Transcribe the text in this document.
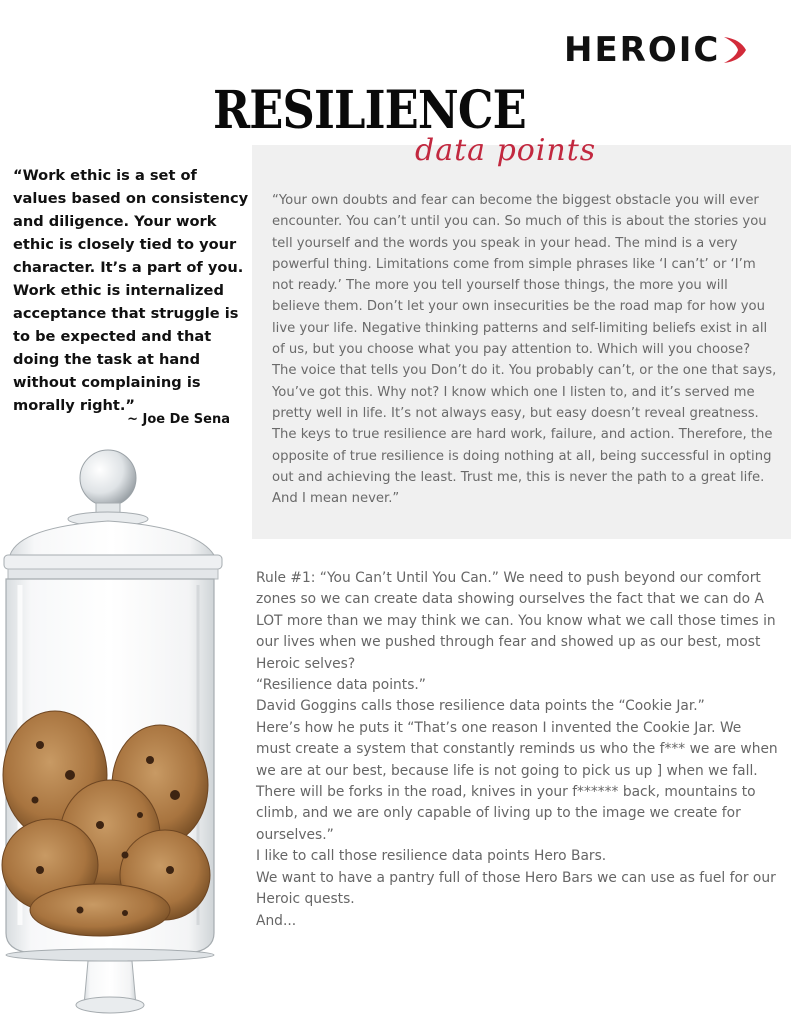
HEROIC
RESILIENCE
data points
“Work ethic is a set of values based on consistency and diligence. Your work ethic is closely tied to your character. It’s a part of you. Work ethic is internalized acceptance that struggle is to be expected and that doing the task at hand without complaining is morally right.”
~ Joe De Sena
“Your own doubts and fear can become the biggest obstacle you will ever encounter. You can’t until you can. So much of this is about the stories you tell yourself and the words you speak in your head. The mind is a very powerful thing. Limitations come from simple phrases like ‘I can’t’ or ‘I’m not ready.’ The more you tell yourself those things, the more you will believe them. Don’t let your own insecurities be the road map for how you live your life. Negative thinking patterns and self-limiting beliefs exist in all of us, but you choose what you pay attention to. Which will you choose? The voice that tells you Don’t do it. You probably can’t, or the one that says, You’ve got this. Why not? I know which one I listen to, and it’s served me pretty well in life. It’s not always easy, but easy doesn’t reveal greatness. The keys to true resilience are hard work, failure, and action. Therefore, the opposite of true resilience is doing nothing at all, being successful in opting out and achieving the least. Trust me, this is never the path to a great life. And I mean never.”

Rule #1: “You Can’t Until You Can.” We need to push beyond our comfort zones so we can create data showing ourselves the fact that we can do A LOT more than we may think we can. You know what we call those times in our lives when we pushed through fear and showed up as our best, most Heroic selves?

“Resilience data points.”

David Goggins calls those resilience data points the “Cookie Jar.”

Here’s how he puts it “That’s one reason I invented the Cookie Jar. We must create a system that constantly reminds us who the f*** we are when we are at our best, because life is not going to pick us up ] when we fall. There will be forks in the road, knives in your f****** back, mountains to climb, and we are only capable of living up to the image we create for ourselves.”

I like to call those resilience data points Hero Bars.

We want to have a pantry full of those Hero Bars we can use as fuel for our Heroic quests.

And...
